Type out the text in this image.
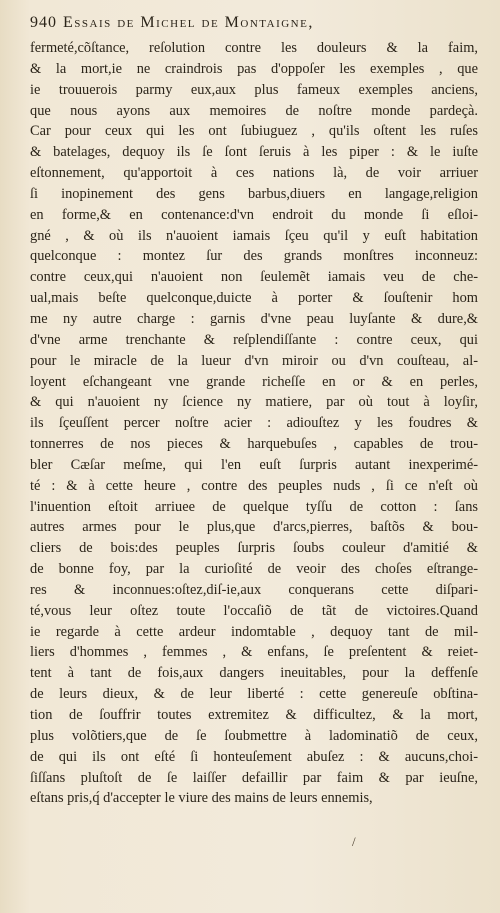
940 Essais de Michel de Montaigne,
fermeté,cõſtance, reſolution contre les douleurs & la faim,
& la mort,ie ne craindrois pas d'oppoſer les exemples , que
ie trouuerois parmy eux,aux plus fameux exemples anciens,
que nous ayons aux memoires de noſtre monde pardeçà.
Car pour ceux qui les ont ſubiuguez , qu'ils oſtent les ruſes
& batelages, dequoy ils ſe ſont ſeruis à les piper : & le iuſte
eſtonnement, qu'apportoit à ces nations là, de voir arriuer
ſi inopinement des gens barbus,diuers en langage,religion
en forme,& en contenance:d'vn endroit du monde ſi eſloi-
gné , & où ils n'auoient iamais ſçeu qu'il y euſt habitation
quelconque : montez ſur des grands monſtres inconneuz:
contre ceux,qui n'auoient non ſeulemẽt iamais veu de che-
ual,mais beſte quelconque,duicte à porter & ſouſtenir hom
me ny autre charge : garnis d'vne peau luyſante & dure,&
d'vne arme trenchante & reſplendiſſante : contre ceux, qui
pour le miracle de la lueur d'vn miroir ou d'vn couſteau, al-
loyent eſchangeant vne grande richeſſe en or & en perles,
& qui n'auoient ny ſcience ny matiere, par où tout à loyſir,
ils ſçeuſſent percer noſtre acier : adiouſtez y les foudres &
tonnerres de nos pieces & harquebuſes , capables de trou-
bler Cæſar meſme, qui l'en euſt ſurpris autant inexperimé-
té : & à cette heure , contre des peuples nuds , ſi ce n'eſt où
l'inuention eſtoit arriuee de quelque tyſſu de cotton : ſans
autres armes pour le plus,que d'arcs,pierres, baſtõs & bou-
cliers de bois:des peuples ſurpris ſoubs couleur d'amitié &
de bonne foy, par la curioſité de veoir des choſes eſtrange-
res & inconnues:oſtez,diſ-ie,aux conquerans cette diſpari-
té,vous leur oſtez toute l'occaſiõ de tãt de victoires.Quand
ie regarde à cette ardeur indomtable , dequoy tant de mil-
liers d'hommes , femmes , & enfans, ſe preſentent & reiet-
tent à tant de fois,aux dangers ineuitables, pour la deffenſe
de leurs dieux, & de leur liberté : cette genereuſe obſtina-
tion de ſouffrir toutes extremitez & difficultez, & la mort,
plus volõtiers,que de ſe ſoubmettre à ladominatiõ de ceux,
de qui ils ont eſté ſi honteuſement abuſez : & aucuns,choi-
ſiſſans pluſtoſt de ſe laiſſer defaillir par faim & par ieuſne,
eſtans pris,q́ d'accepter le viure des mains de leurs ennemis,
/
